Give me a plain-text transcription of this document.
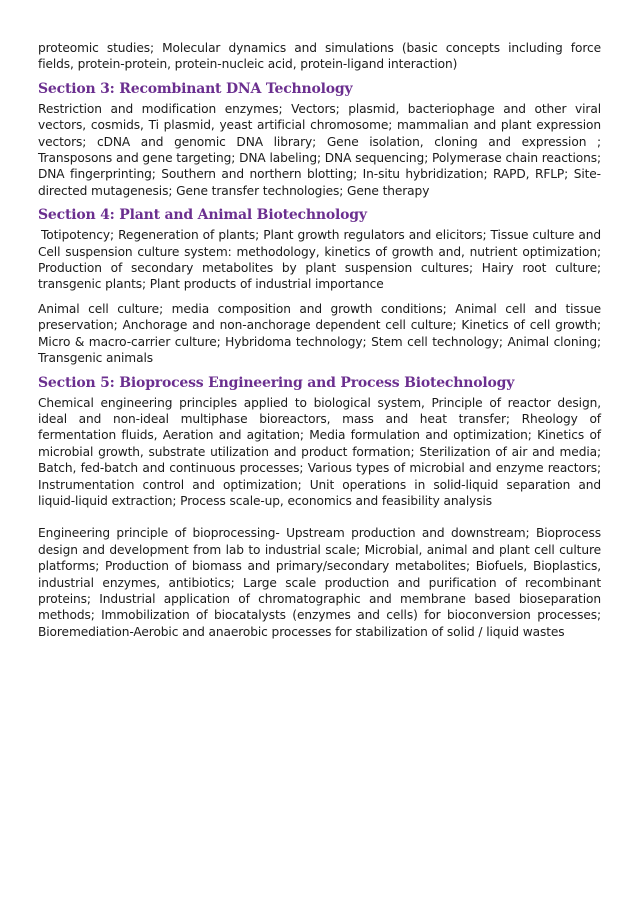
proteomic studies; Molecular dynamics and simulations (basic concepts including force fields, protein-protein, protein-nucleic acid, protein-ligand interaction)

Section 3: Recombinant DNA Technology

Restriction and modification enzymes; Vectors; plasmid, bacteriophage and other viral vectors, cosmids, Ti plasmid, yeast artificial chromosome; mammalian and plant expression vectors; cDNA and genomic DNA library; Gene isolation, cloning and expression ; Transposons and gene targeting; DNA labeling; DNA sequencing; Polymerase chain reactions; DNA fingerprinting; Southern and northern blotting; In-situ hybridization; RAPD, RFLP; Site-directed mutagenesis; Gene transfer technologies; Gene therapy

Section 4: Plant and Animal Biotechnology

Totipotency; Regeneration of plants; Plant growth regulators and elicitors; Tissue culture and Cell suspension culture system: methodology, kinetics of growth and, nutrient optimization; Production of secondary metabolites by plant suspension cultures; Hairy root culture; transgenic plants; Plant products of industrial importance

Animal cell culture; media composition and growth conditions; Animal cell and tissue preservation; Anchorage and non-anchorage dependent cell culture; Kinetics of cell growth; Micro & macro-carrier culture; Hybridoma technology; Stem cell technology; Animal cloning; Transgenic animals

Section 5: Bioprocess Engineering and Process Biotechnology

Chemical engineering principles applied to biological system, Principle of reactor design, ideal and non-ideal multiphase bioreactors, mass and heat transfer; Rheology of fermentation fluids, Aeration and agitation; Media formulation and optimization; Kinetics of microbial growth, substrate utilization and product formation; Sterilization of air and media; Batch, fed-batch and continuous processes; Various types of microbial and enzyme reactors; Instrumentation control and optimization; Unit operations in solid-liquid separation and liquid-liquid extraction; Process scale-up, economics and feasibility analysis

Engineering principle of bioprocessing- Upstream production and downstream; Bioprocess design and development from lab to industrial scale; Microbial, animal and plant cell culture platforms; Production of biomass and primary/secondary metabolites; Biofuels, Bioplastics, industrial enzymes, antibiotics; Large scale production and purification of recombinant proteins; Industrial application of chromatographic and membrane based bioseparation methods; Immobilization of biocatalysts (enzymes and cells) for bioconversion processes; Bioremediation-Aerobic and anaerobic processes for stabilization of solid / liquid wastes
